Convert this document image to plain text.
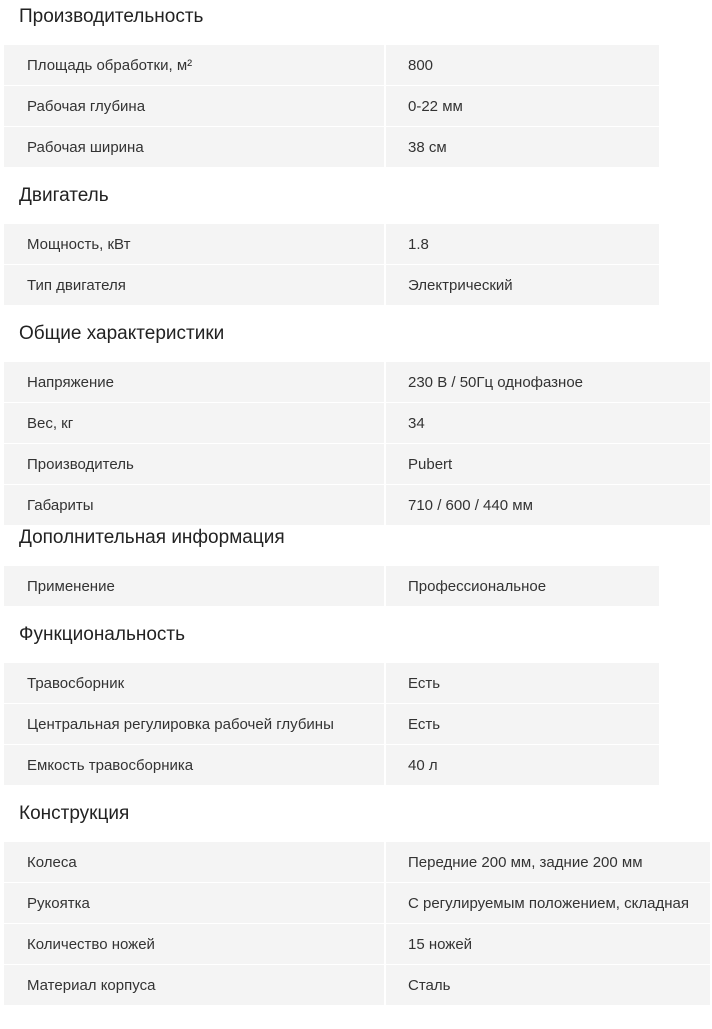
Производительность
Площадь обработки, м²	800
Рабочая глубина	0-22 мм
Рабочая ширина	38 см
Двигатель
Мощность, кВт	1.8
Тип двигателя	Электрический
Общие характеристики
Напряжение	230 В / 50Гц однофазное
Вес, кг	34
Производитель	Pubert
Габариты	710 / 600 / 440 мм
Дополнительная информация
Применение	Профессиональное
Функциональность
Травосборник	Есть
Центральная регулировка рабочей глубины	Есть
Емкость травосборника	40 л
Конструкция
Колеса	Передние 200 мм, задние 200 мм
Рукоятка	С регулируемым положением, складная
Количество ножей	15 ножей
Материал корпуса	Сталь
